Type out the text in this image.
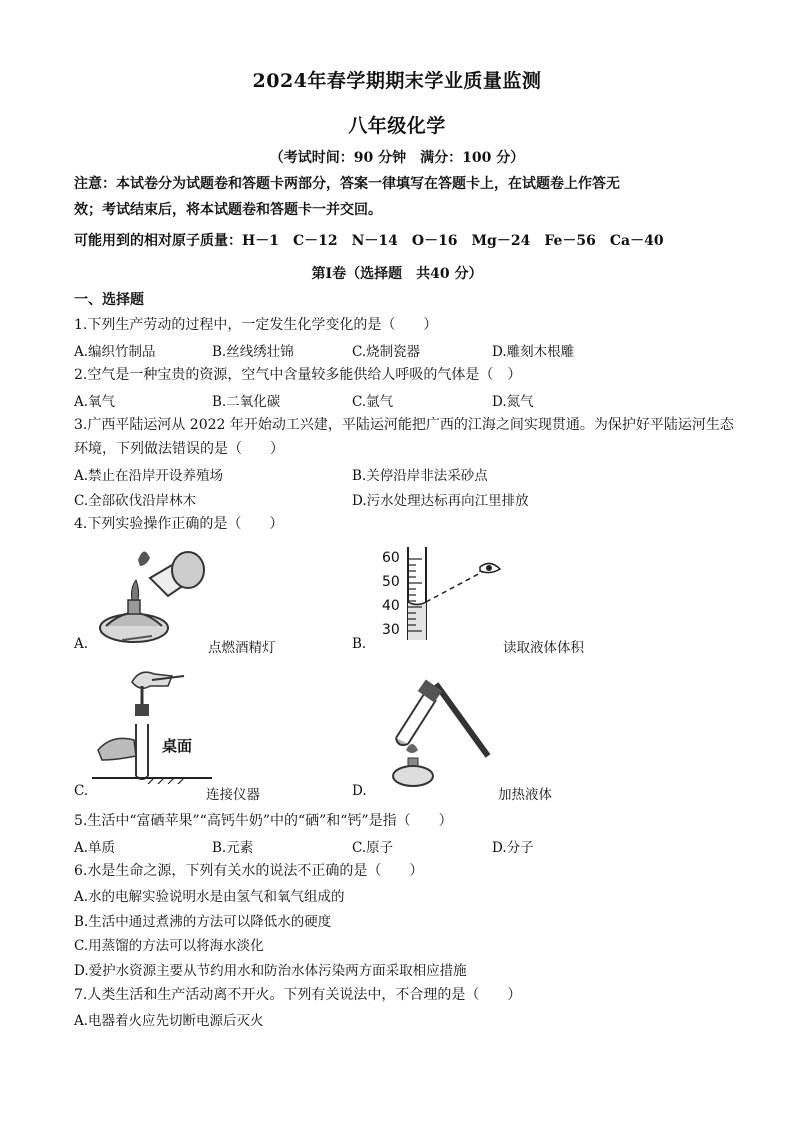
2024年春学期期末学业质量监测
八年级化学
（考试时间：90 分钟　满分：100 分）
注意：本试卷分为试题卷和答题卡两部分，答案一律填写在答题卡上，在试题卷上作答无
效；考试结束后，将本试题卷和答题卡一并交回。
可能用到的相对原子质量：H－1　C－12　N－14　O－16　Mg－24　Fe－56　Ca－40
第Ⅰ卷（选择题　共40 分）
一、选择题
1.下列生产劳动的过程中，一定发生化学变化的是（　　）
A.编织竹制品	B.丝线绣壮锦	C.烧制瓷器	D.雕刻木根雕
2.空气是一种宝贵的资源，空气中含量较多能供给人呼吸的气体是（　）
A.氧气	B.二氧化碳	C.氩气	D.氮气
3.广西平陆运河从 2022 年开始动工兴建，平陆运河能把广西的江海之间实现贯通。为保护好平陆运河生态
环境，下列做法错误的是（　　）
A.禁止在沿岸开设养殖场	B.关停沿岸非法采砂点
C.全部砍伐沿岸林木	D.污水处理达标再向江里排放
4.下列实验操作正确的是（　　）
A.	点燃酒精灯
60
50
40
30
B.	读取液体体积
桌面
C.	连接仪器	D.	加热液体
5.生活中“富硒苹果”“高钙牛奶”中的“硒”和“钙”是指（　　）
A.单质	B.元素	C.原子	D.分子
6.水是生命之源，下列有关水的说法不正确的是（　　）
A.水的电解实验说明水是由氢气和氧气组成的
B.生活中通过煮沸的方法可以降低水的硬度
C.用蒸馏的方法可以将海水淡化
D.爱护水资源主要从节约用水和防治水体污染两方面采取相应措施
7.人类生活和生产活动离不开火。下列有关说法中，不合理的是（　　）
A.电器着火应先切断电源后灭火
